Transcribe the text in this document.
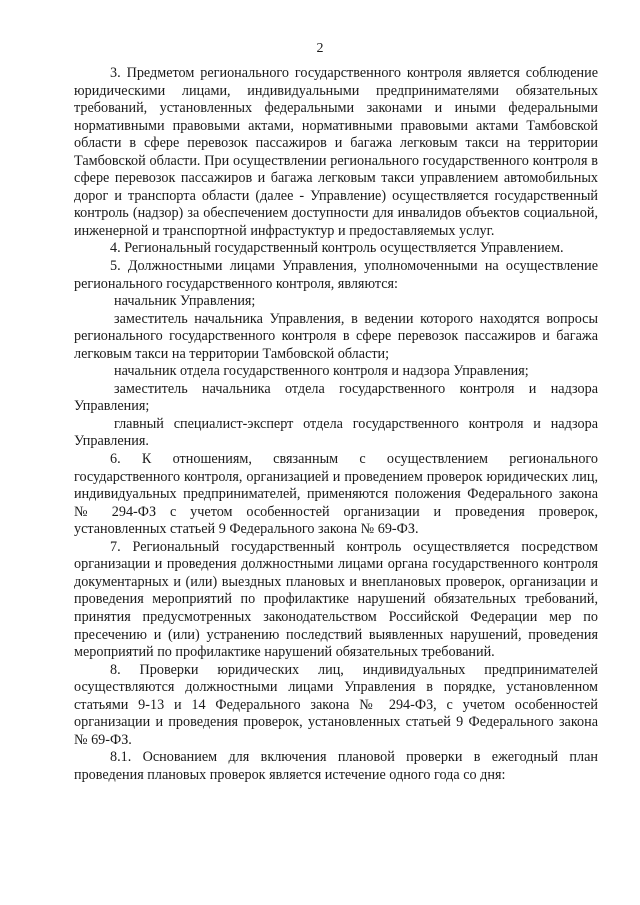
2

3. Предметом регионального государственного контроля является соблюдение юридическими лицами, индивидуальными предпринимателями обязательных требований, установленных федеральными законами и иными федеральными нормативными правовыми актами, нормативными правовыми актами Тамбовской области в сфере перевозок пассажиров и багажа легковым такси на территории Тамбовской области. При осуществлении регионального государственного контроля в сфере перевозок пассажиров и багажа легковым такси управлением автомобильных дорог и транспорта области (далее - Управление) осуществляется государственный контроль (надзор) за обеспечением доступности для инвалидов объектов социальной, инженерной и транспортной инфрастуктур и предоставляемых услуг.

4. Региональный государственный контроль осуществляется Управлением.

5. Должностными лицами Управления, уполномоченными на осуществление регионального государственного контроля, являются:

начальник Управления;

заместитель начальника Управления, в ведении которого находятся вопросы регионального государственного контроля в сфере перевозок пассажиров и багажа легковым такси на территории Тамбовской области;

начальник отдела государственного контроля и надзора Управления;

заместитель начальника отдела государственного контроля и надзора Управления;

главный специалист-эксперт отдела государственного контроля и надзора Управления.

6. К отношениям, связанным с осуществлением регионального государственного контроля, организацией и проведением проверок юридических лиц, индивидуальных предпринимателей, применяются положения Федерального закона № 294-ФЗ с учетом особенностей организации и проведения проверок, установленных статьей 9 Федерального закона № 69-ФЗ.

7. Региональный государственный контроль осуществляется посредством организации и проведения должностными лицами органа государственного контроля документарных и (или) выездных плановых и внеплановых проверок, организации и проведения мероприятий по профилактике нарушений обязательных требований, принятия предусмотренных законодательством Российской Федерации мер по пресечению и (или) устранению последствий выявленных нарушений, проведения мероприятий по профилактике нарушений обязательных требований.

8. Проверки юридических лиц, индивидуальных предпринимателей осуществляются должностными лицами Управления в порядке, установленном статьями 9-13 и 14 Федерального закона № 294-ФЗ, с учетом особенностей организации и проведения проверок, установленных статьей 9 Федерального закона № 69-ФЗ.

8.1. Основанием для включения плановой проверки в ежегодный план проведения плановых проверок является истечение одного года со дня:
